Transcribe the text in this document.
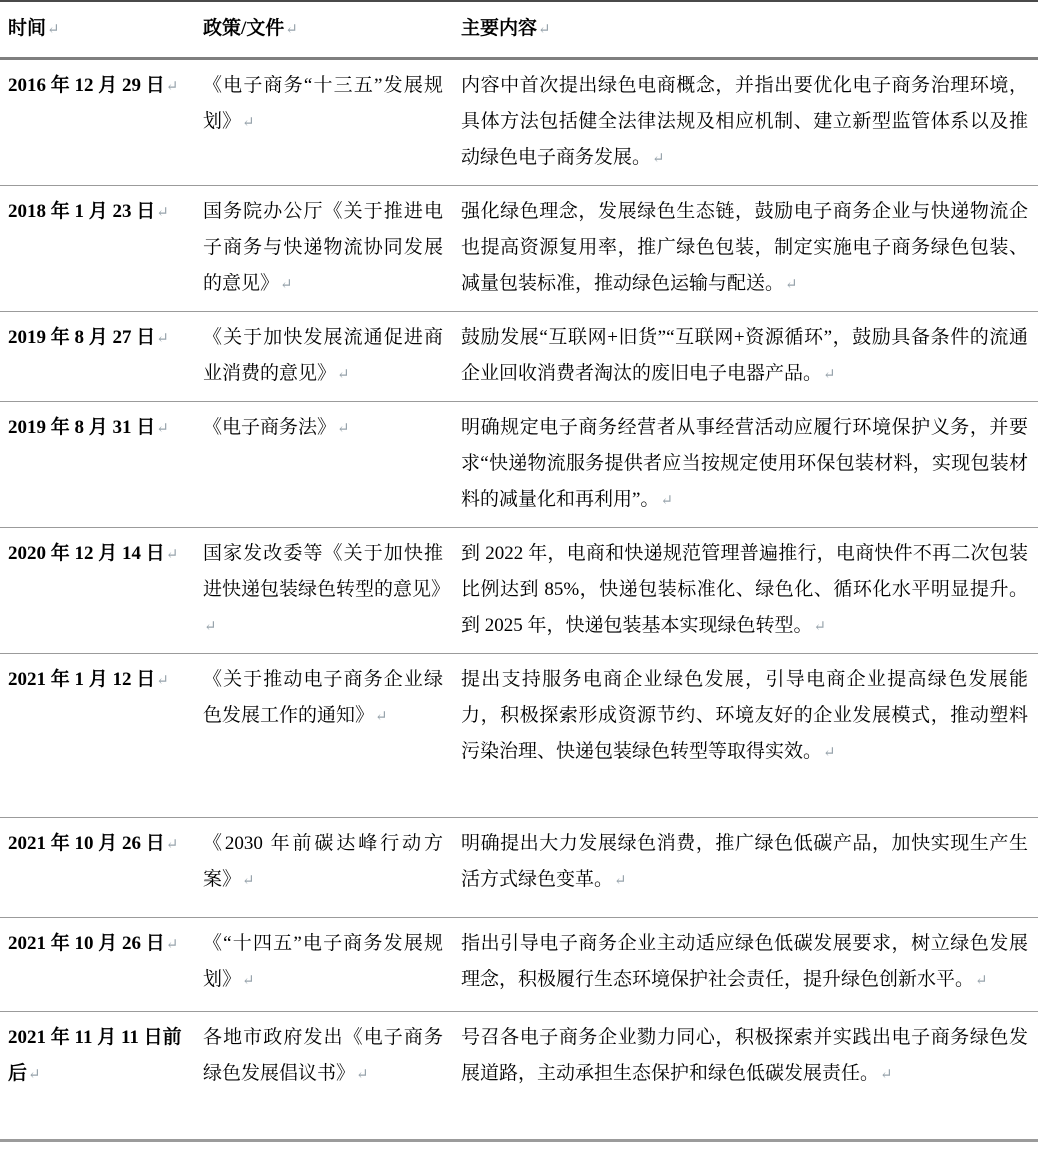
时间↵	政策/文件↵	主要内容↵
2016 年 12 月 29 日↵	《电子商务“十三五”发展规划》↵	内容中首次提出绿色电商概念，并指出要优化电子商务治理环境，具体方法包括健全法律法规及相应机制、建立新型监管体系以及推动绿色电子商务发展。↵
2018 年 1 月 23 日↵	国务院办公厅《关于推进电子商务与快递物流协同发展的意见》↵	强化绿色理念，发展绿色生态链，鼓励电子商务企业与快递物流企也提高资源复用率，推广绿色包装，制定实施电子商务绿色包装、减量包装标准，推动绿色运输与配送。↵
2019 年 8 月 27 日↵	《关于加快发展流通促进商业消费的意见》↵	鼓励发展“互联网+旧货”“互联网+资源循环”，鼓励具备条件的流通企业回收消费者淘汰的废旧电子电器产品。↵
2019 年 8 月 31 日↵	《电子商务法》↵	明确规定电子商务经营者从事经营活动应履行环境保护义务，并要求“快递物流服务提供者应当按规定使用环保包装材料，实现包装材料的减量化和再利用”。↵
2020 年 12 月 14 日↵	国家发改委等《关于加快推进快递包装绿色转型的意见》↵	到 2022 年，电商和快递规范管理普遍推行，电商快件不再二次包装比例达到 85%，快递包装标准化、绿色化、循环化水平明显提升。到 2025 年，快递包装基本实现绿色转型。↵
2021 年 1 月 12 日↵	《关于推动电子商务企业绿色发展工作的通知》↵	提出支持服务电商企业绿色发展，引导电商企业提高绿色发展能力，积极探索形成资源节约、环境友好的企业发展模式，推动塑料污染治理、快递包装绿色转型等取得实效。↵
2021 年 10 月 26 日↵	《2030 年前碳达峰行动方案》↵	明确提出大力发展绿色消费，推广绿色低碳产品，加快实现生产生活方式绿色变革。↵
2021 年 10 月 26 日↵	《“十四五”电子商务发展规划》↵	指出引导电子商务企业主动适应绿色低碳发展要求，树立绿色发展理念，积极履行生态环境保护社会责任，提升绿色创新水平。↵
2021 年 11 月 11 日前后↵	各地市政府发出《电子商务绿色发展倡议书》↵	号召各电子商务企业勠力同心，积极探索并实践出电子商务绿色发展道路，主动承担生态保护和绿色低碳发展责任。↵
